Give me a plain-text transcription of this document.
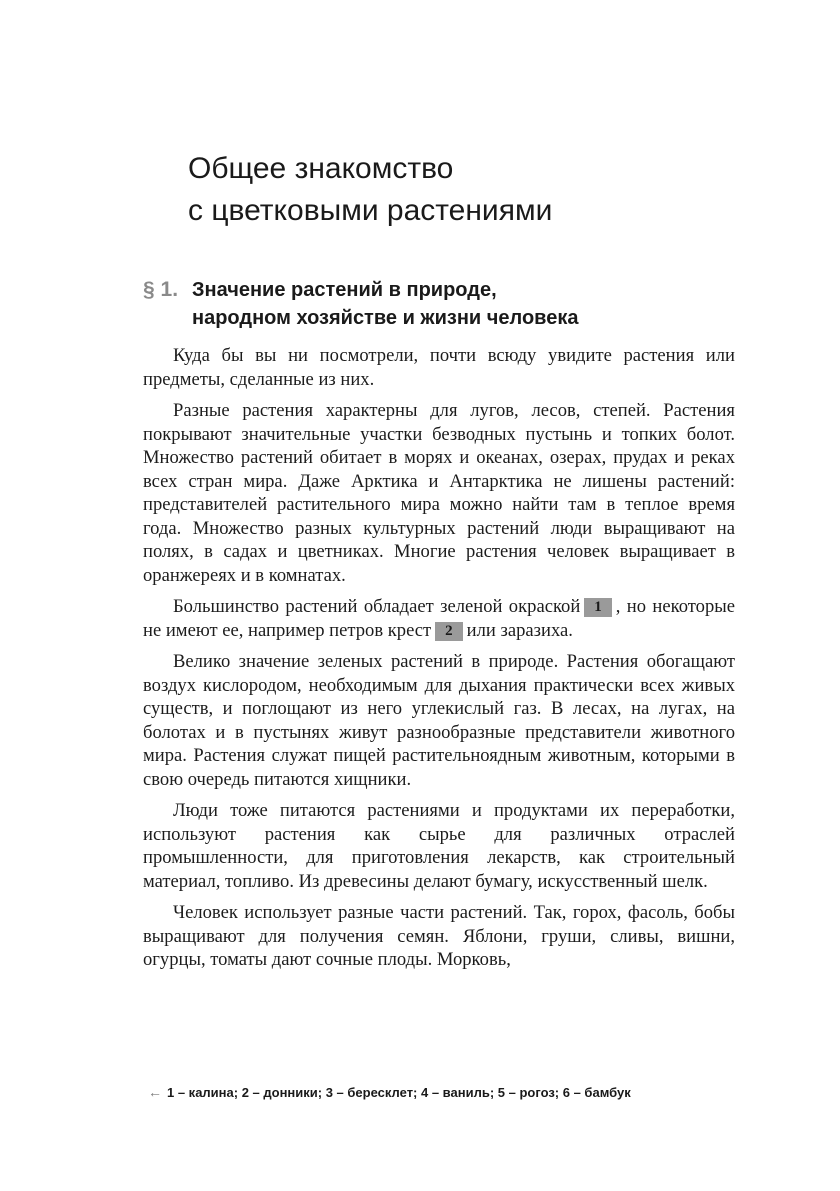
Общее знакомство
с цветковыми растениями
§ 1. Значение растений в природе,
народном хозяйстве и жизни человека

Куда бы вы ни посмотрели, почти всюду увидите растения или предметы, сделанные из них.

Разные растения характерны для лугов, лесов, степей. Растения покрывают значительные участки безводных пустынь и топких болот. Множество растений обитает в морях и океанах, озерах, прудах и реках всех стран мира. Даже Арктика и Антарктика не лишены растений: представителей растительного мира можно найти там в теплое время года. Множество разных культурных растений люди выращивают на полях, в садах и цветниках. Многие растения человек выращивает в оранжереях и в комнатах.

Большинство растений обладает зеленой окраской 1 , но некоторые не имеют ее, например петров крест 2 или заразиха.

Велико значение зеленых растений в природе. Растения обогащают воздух кислородом, необходимым для дыхания практически всех живых существ, и поглощают из него углекислый газ. В лесах, на лугах, на болотах и в пустынях живут разнообразные представители животного мира. Растения служат пищей растительноядным животным, которыми в свою очередь питаются хищники.

Люди тоже питаются растениями и продуктами их переработки, используют растения как сырье для различных отраслей промышленности, для приготовления лекарств, как строительный материал, топливо. Из древесины делают бумагу, искусственный шелк.

Человек использует разные части растений. Так, горох, фасоль, бобы выращивают для получения семян. Яблони, груши, сливы, вишни, огурцы, томаты дают сочные плоды. Морковь,

← 1 – калина; 2 – донники; 3 – бересклет; 4 – ваниль; 5 – рогоз; 6 – бамбук
